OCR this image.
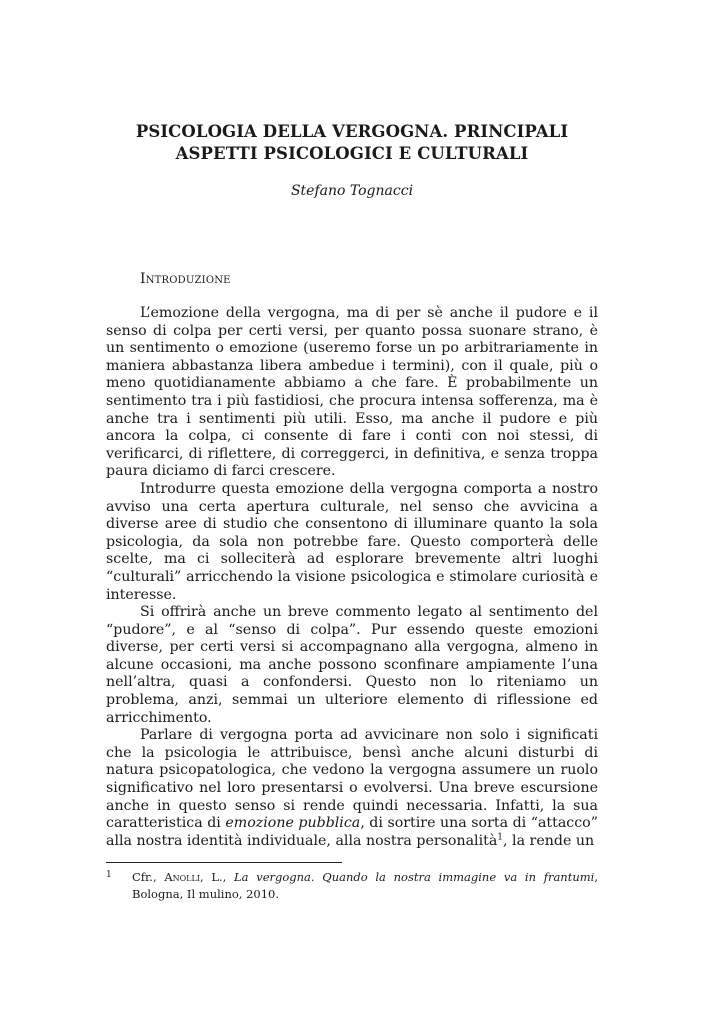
PSICOLOGIA DELLA VERGOGNA. PRINCIPALI
ASPETTI PSICOLOGICI E CULTURALI

Stefano Tognacci

Introduzione

L’emozione della vergogna, ma di per sè anche il pudore e il senso di colpa per certi versi, per quanto possa suonare strano, è un sentimento o emozione (useremo forse un po arbitrariamente in maniera abbastanza libera ambedue i termini), con il quale, più o meno quotidianamente abbiamo a che fare. È probabilmente un sentimento tra i più fastidiosi, che procura intensa sofferenza, ma è anche tra i sentimenti più utili. Esso, ma anche il pudore e più ancora la colpa, ci consente di fare i conti con noi stessi, di verificarci, di riflettere, di correggerci, in definitiva, e senza troppa paura diciamo di farci crescere.

Introdurre questa emozione della vergogna comporta a nostro avviso una certa apertura culturale, nel senso che avvicina a diverse aree di studio che consentono di illuminare quanto la sola psicologia, da sola non potrebbe fare. Questo comporterà delle scelte, ma ci solleciterà ad esplorare brevemente altri luoghi “culturali” arricchendo la visione psicologica e stimolare curiosità e interesse.

Si offrirà anche un breve commento legato al sentimento del “pudore”, e al “senso di colpa”. Pur essendo queste emozioni diverse, per certi versi si accompagnano alla vergogna, almeno in alcune occasioni, ma anche possono sconfinare ampiamente l’una nell’altra, quasi a confondersi. Questo non lo riteniamo un problema, anzi, semmai un ulteriore elemento di riflessione ed arricchimento.

Parlare di vergogna porta ad avvicinare non solo i significati che la psicologia le attribuisce, bensì anche alcuni disturbi di natura psicopatologica, che vedono la vergogna assumere un ruolo significativo nel loro presentarsi o evolversi. Una breve escursione anche in questo senso si rende quindi necessaria. Infatti, la sua caratteristica di emozione pubblica, di sortire una sorta di “attacco” alla nostra identità individuale, alla nostra personalità$^1$, la rende un

1 Cfr., Anolli, L., La vergogna. Quando la nostra immagine va in frantumi, Bologna, Il mulino, 2010.
